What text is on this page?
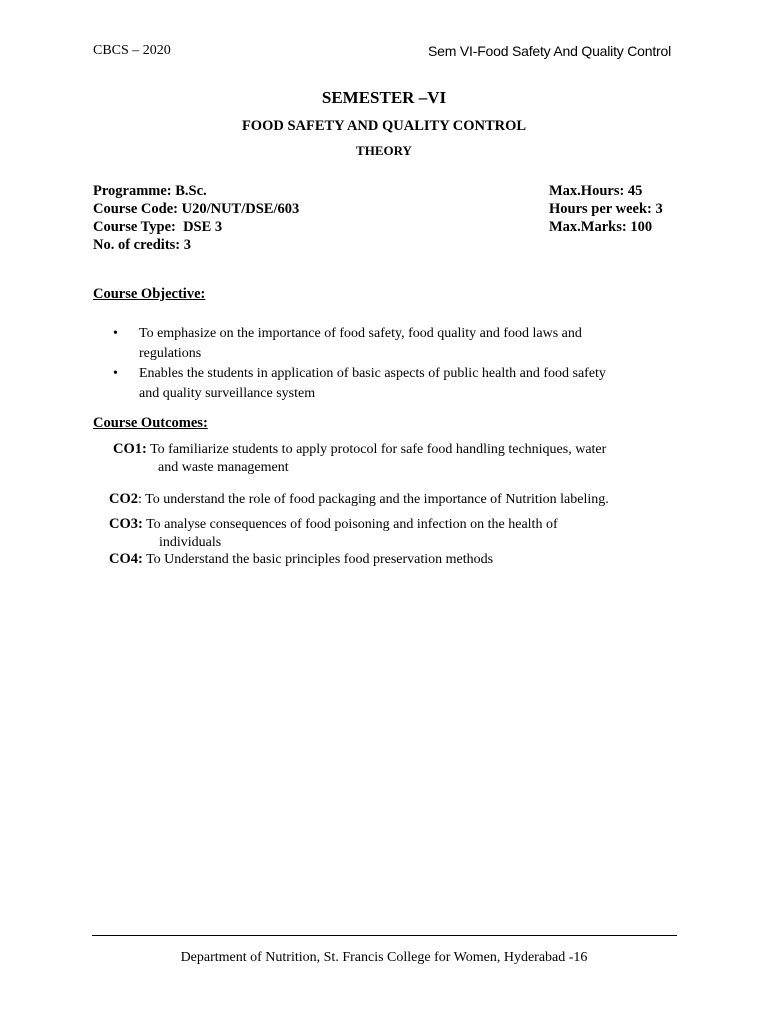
CBCS – 2020	Sem VI-Food Safety And Quality Control
SEMESTER –VI
FOOD SAFETY AND QUALITY CONTROL
THEORY
Programme: B.Sc.
Course Code: U20/NUT/DSE/603
Course Type:  DSE 3
No. of credits: 3
Max.Hours: 45
Hours per week: 3
Max.Marks: 100
Course Objective:
• To emphasize on the importance of food safety, food quality and food laws and
regulations
• Enables the students in application of basic aspects of public health and food safety
and quality surveillance system
Course Outcomes:
CO1: To familiarize students to apply protocol for safe food handling techniques, water
and waste management
CO2: To understand the role of food packaging and the importance of Nutrition labeling.
CO3: To analyse consequences of food poisoning and infection on the health of
individuals
CO4: To Understand the basic principles food preservation methods
Department of Nutrition, St. Francis College for Women, Hyderabad -16
